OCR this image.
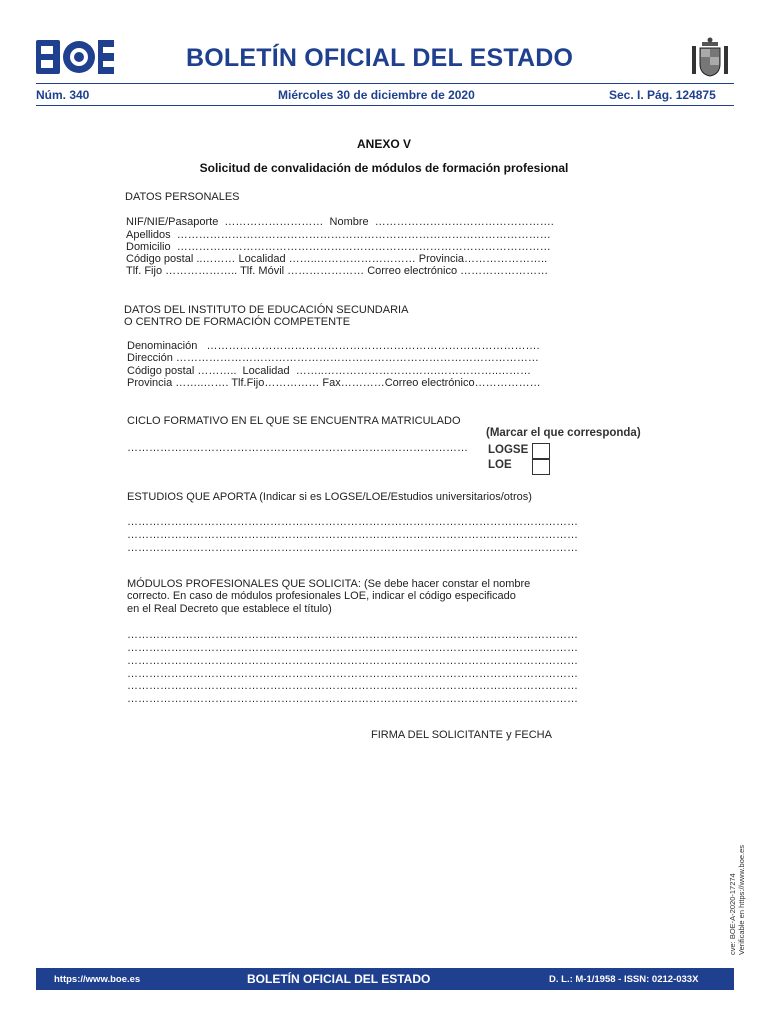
BOLETÍN OFICIAL DEL ESTADO
Núm. 340	Miércoles 30 de diciembre de 2020	Sec. I. Pág. 124875
ANEXO V
Solicitud de convalidación de módulos de formación profesional
DATOS PERSONALES
NIF/NIE/Pasaporte  ………………………  Nombre  ………………………………………….
Apellidos  …………………………………………………………………………………………
Domicilio  …………………………………………………………………………………………
Código postal ..……… Localidad ……..……………………… Provincia…………………..
Tlf. Fijo ……………….. Tlf. Móvil ………………… Correo electrónico ……………………
DATOS DEL INSTITUTO DE EDUCACIÓN SECUNDARIA
O CENTRO DE FORMACIÓN COMPETENTE
Denominación   ……………………………………………………………………………….
Dirección ………………………………………………………………………………………
Código postal ………..  Localidad  ……..………………………….……………..………
Provincia ……..……. Tlf.Fijo…………… Fax…………Correo electrónico………………
CICLO FORMATIVO EN EL QUE SE ENCUENTRA MATRICULADO
…………………………………………………………………………………
(Marcar el que corresponda)
LOGSE
LOE
ESTUDIOS QUE APORTA (Indicar si es LOGSE/LOE/Estudios universitarios/otros)
……………………………………………………………………………………………………………
……………………………………………………………………………………………………………
……………………………………………………………………………………………………………
MÓDULOS PROFESIONALES QUE SOLICITA: (Se debe hacer constar el nombre
correcto. En caso de módulos profesionales LOE, indicar el código especificado
en el Real Decreto que establece el título)
……………………………………………………………………………………………………………
……………………………………………………………………………………………………………
……………………………………………………………………………………………………………
……………………………………………………………………………………………………………
……………………………………………………………………………………………………………
……………………………………………………………………………………………………………
FIRMA DEL SOLICITANTE y FECHA
cve: BOE-A-2020-17274 Verificable en https://www.boe.es
https://www.boe.es	BOLETÍN OFICIAL DEL ESTADO	D. L.: M-1/1958 - ISSN: 0212-033X
